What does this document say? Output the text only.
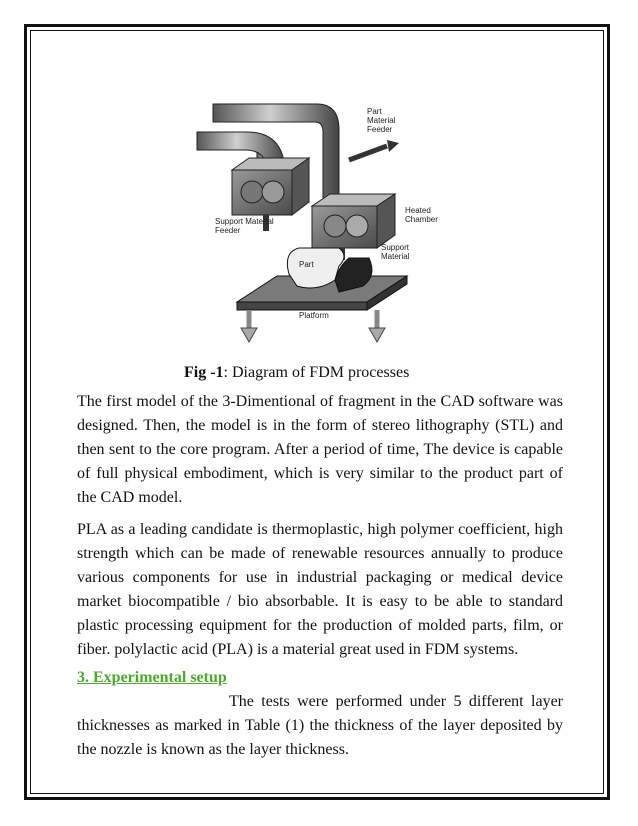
Part
Material
Feeder
Support Material
Feeder
Heated
Chamber
Support
Material
Part
Platform
Fig -1: Diagram of FDM processes

The first model of the 3-Dimentional of fragment in the CAD software was designed. Then, the model is in the form of stereo lithography (STL) and then sent to the core program. After a period of time, The device is capable of full physical embodiment, which is very similar to the product part of the CAD model.

PLA as a leading candidate is thermoplastic, high polymer coefficient, high strength which can be made of renewable resources annually to produce various components for use in industrial packaging or medical device market biocompatible / bio absorbable. It is easy to be able to standard plastic processing equipment for the production of molded parts, film, or fiber. polylactic acid (PLA) is a material great used in FDM systems.

3. Experimental setup

The tests were performed under 5 different layer thicknesses as marked in Table (1) the thickness of the layer deposited by the nozzle is known as the layer thickness.
